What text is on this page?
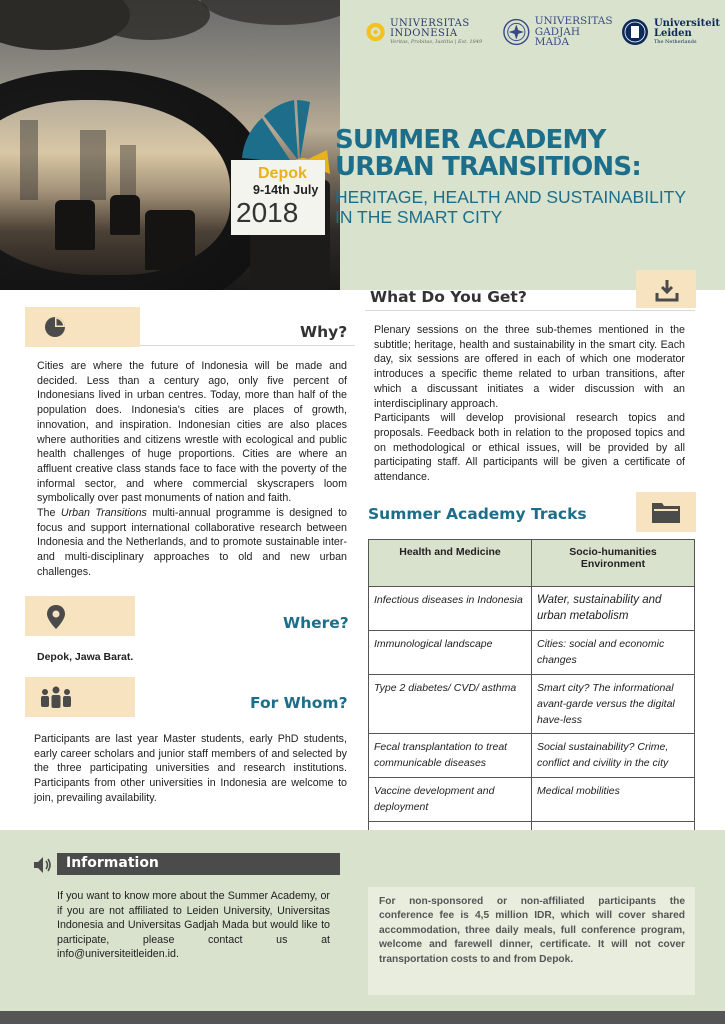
UNIVERSITAS INDONESIA
Veritas, Probitas, Iustitia | Est. 1849
UNIVERSITAS
GADJAH MADA
Universiteit
Leiden
The Netherlands
Depok
9-14th July
2018
SUMMER ACADEMY
URBAN TRANSITIONS:
HERITAGE, HEALTH AND SUSTAINABILITY
IN THE SMART CITY
Why?

Cities are where the future of Indonesia will be made and decided. Less than a century ago, only five percent of Indonesians lived in urban centres. Today, more than half of the population does. Indonesia's cities are places of growth, innovation, and inspiration. Indonesian cities are also places where authorities and citizens wrestle with ecological and public health challenges of huge proportions. Cities are where an affluent creative class stands face to face with the poverty of the informal sector, and where commercial skyscrapers loom symbolically over past monuments of nation and faith.

The Urban Transitions multi-annual programme is designed to focus and support international collaborative research between Indonesia and the Netherlands, and to promote sustainable inter- and multi-disciplinary approaches to old and new urban challenges.

Where?
Depok, Jawa Barat.
For Whom?
Participants are last year Master students, early PhD students, early career scholars and junior staff members of and selected by the three participating universities and research institutions. Participants from other universities in Indonesia are welcome to join, prevailing availability.
What Do You Get?

Plenary sessions on the three sub-themes mentioned in the subtitle; heritage, health and sustainability in the smart city. Each day, six sessions are offered in each of which one moderator introduces a specific theme related to urban transitions, after which a discussant initiates a wider discussion with an interdisciplinary approach.

Participants will develop provisional research topics and proposals. Feedback both in relation to the proposed topics and on methodological or ethical issues, will be provided by all participating staff. All participants will be given a certificate of attendance.

Summer Academy Tracks
Health and Medicine	Socio-humanities Environment
Infectious diseases in Indonesia	Water, sustainability and urban metabolism
Immunological landscape	Cities: social and economic changes
Type 2 diabetes/ CVD/ asthma	Smart city? The informational avant-garde versus the digital have-less
Fecal transplantation to treat communicable diseases	Social sustainability? Crime, conflict and civility in the city
Vaccine development and deployment	Medical mobilities

Information
If you want to know more about the Summer Academy, or if you are not affiliated to Leiden University, Universitas Indonesia and Universitas Gadjah Mada but would like to participate, please contact us at info@universiteitleiden.id.
For non-sponsored or non-affiliated participants the conference fee is 4,5 million IDR, which will cover shared accommodation, three daily meals, full conference program, welcome and farewell dinner, certificate. It will not cover transportation costs to and from Depok.
